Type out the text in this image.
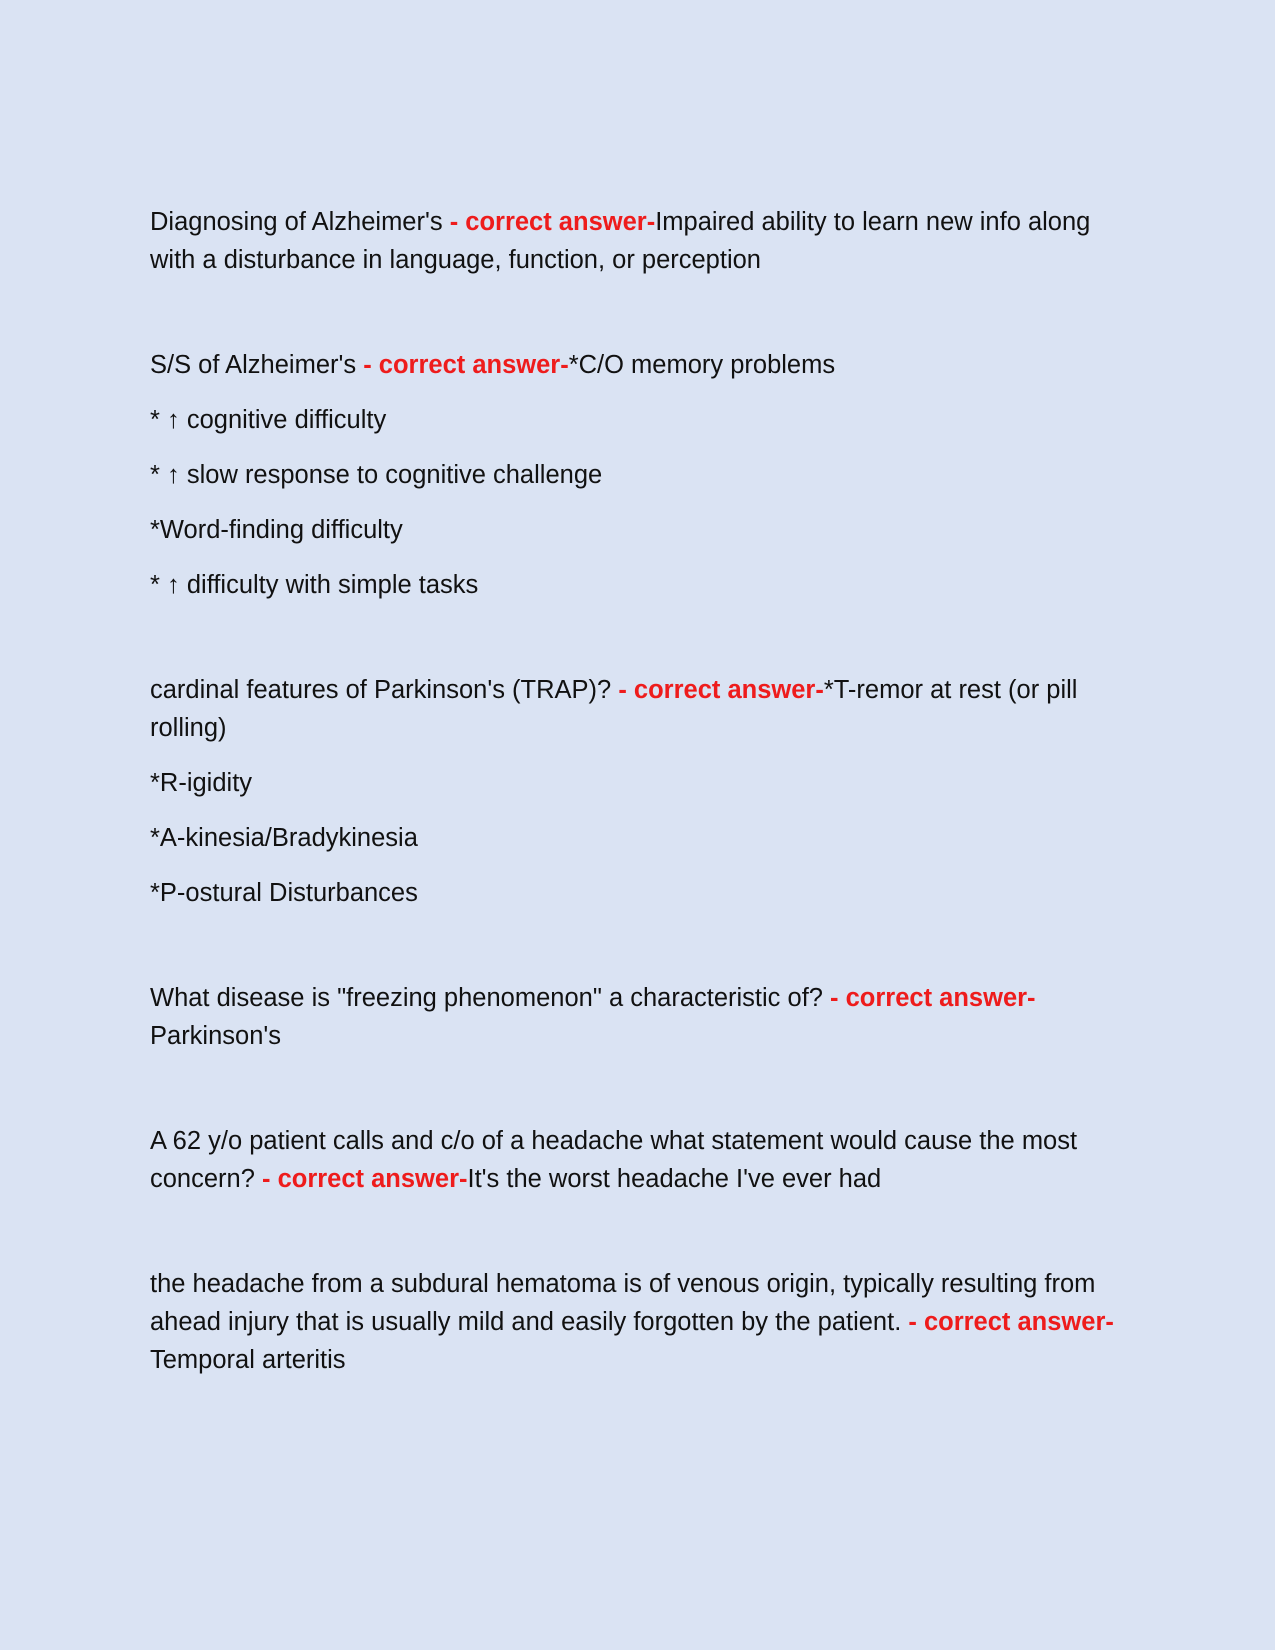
Diagnosing of Alzheimer's - correct answer-Impaired ability to learn new info along with a disturbance in language, function, or perception

S/S of Alzheimer's - correct answer-*C/O memory problems

* ↑ cognitive difficulty

* ↑ slow response to cognitive challenge

*Word-finding difficulty

* ↑ difficulty with simple tasks

cardinal features of Parkinson's (TRAP)? - correct answer-*T-remor at rest (or pill rolling)

*R-igidity

*A-kinesia/Bradykinesia

*P-ostural Disturbances

What disease is "freezing phenomenon" a characteristic of? - correct answer-Parkinson's

A 62 y/o patient calls and c/o of a headache what statement would cause the most concern? - correct answer-It's the worst headache I've ever had

the headache from a subdural hematoma is of venous origin, typically resulting from ahead injury that is usually mild and easily forgotten by the patient. - correct answer-Temporal arteritis
